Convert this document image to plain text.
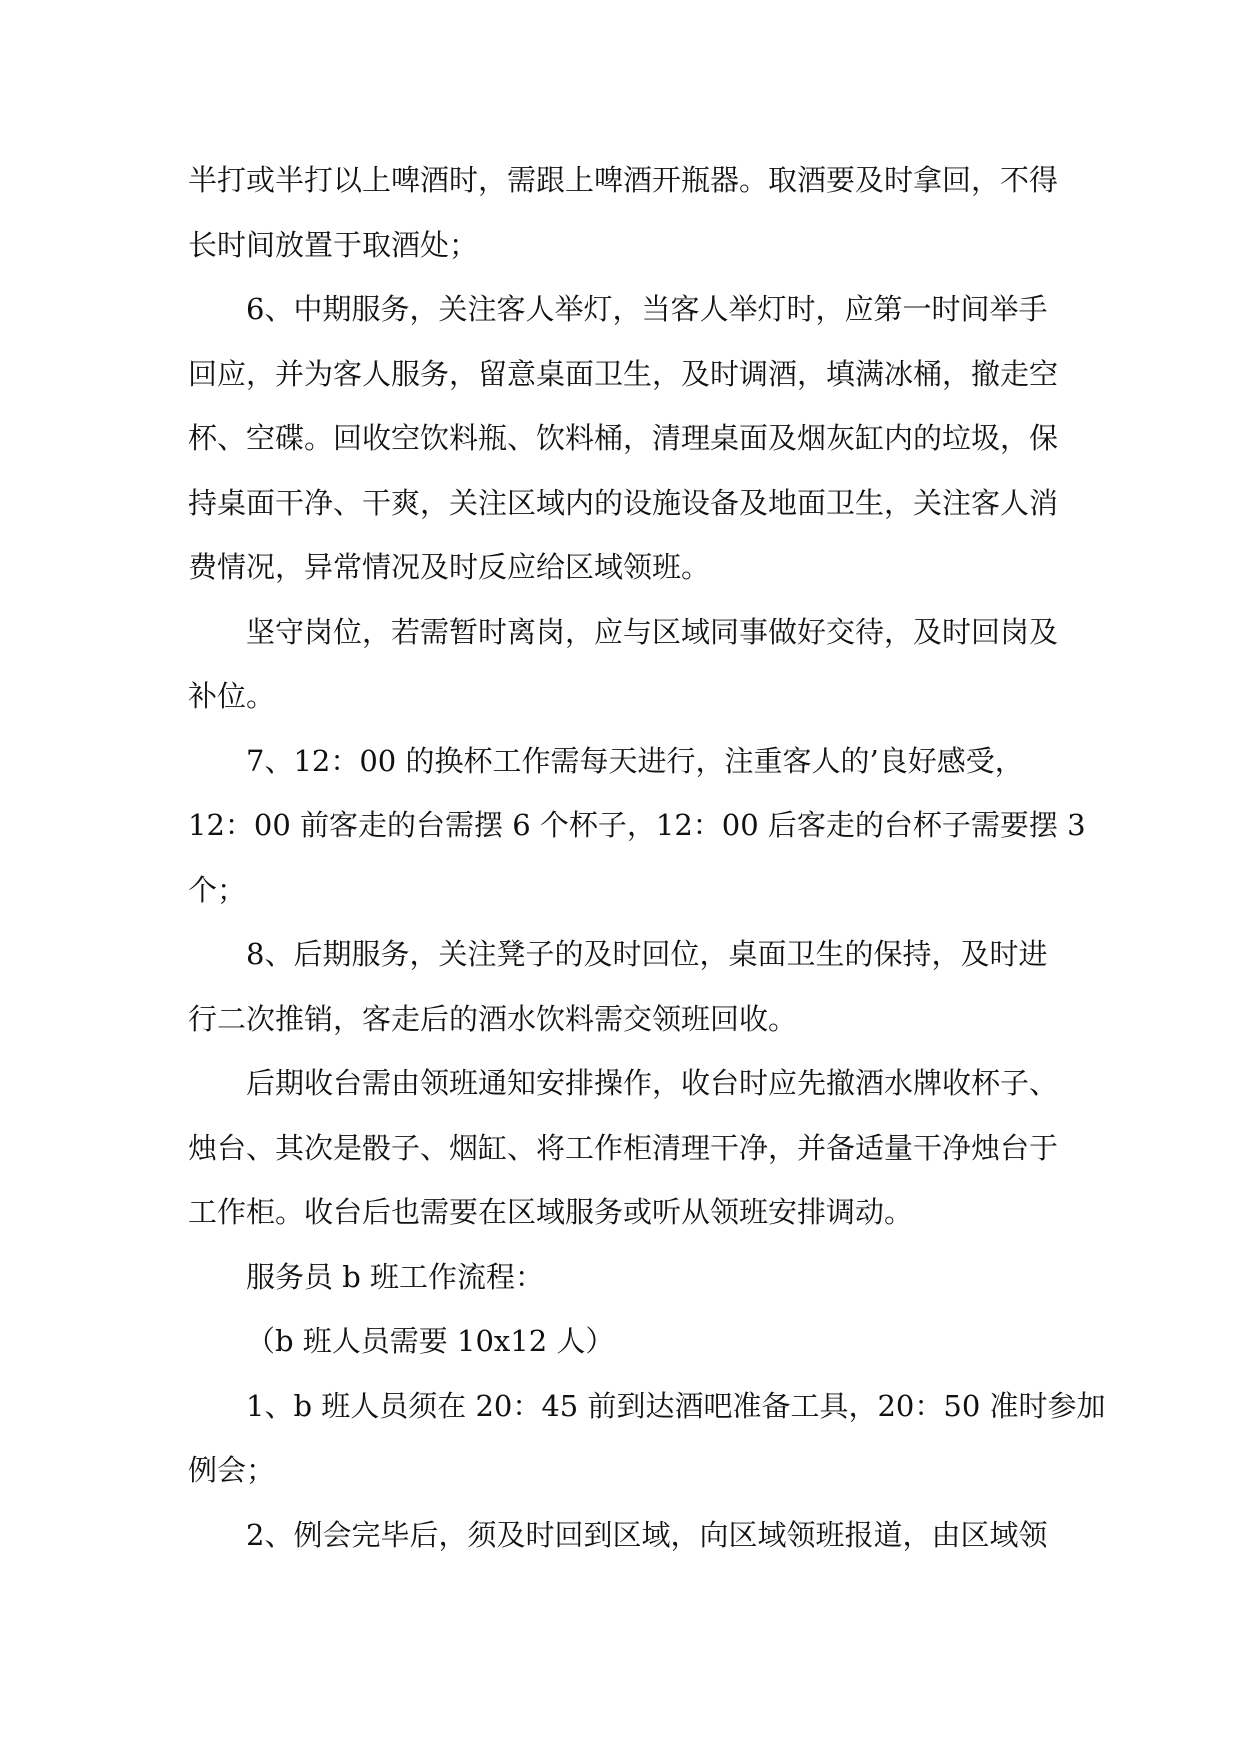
半打或半打以上啤酒时，需跟上啤酒开瓶器。取酒要及时拿回，不得
长时间放置于取酒处；
6、中期服务，关注客人举灯，当客人举灯时，应第一时间举手
回应，并为客人服务，留意桌面卫生，及时调酒，填满冰桶，撤走空
杯、空碟。回收空饮料瓶、饮料桶，清理桌面及烟灰缸内的垃圾，保
持桌面干净、干爽，关注区域内的设施设备及地面卫生，关注客人消
费情况，异常情况及时反应给区域领班。
坚守岗位，若需暂时离岗，应与区域同事做好交待，及时回岗及
补位。
7、12：00 的换杯工作需每天进行，注重客人的’良好感受，
12：00 前客走的台需摆 6 个杯子，12：00 后客走的台杯子需要摆 3
个；
8、后期服务，关注凳子的及时回位，桌面卫生的保持，及时进
行二次推销，客走后的酒水饮料需交领班回收。
后期收台需由领班通知安排操作，收台时应先撤酒水牌收杯子、
烛台、其次是骰子、烟缸、将工作柜清理干净，并备适量干净烛台于
工作柜。收台后也需要在区域服务或听从领班安排调动。
服务员 b 班工作流程：
（b 班人员需要 10x12 人）
1、b 班人员须在 20：45 前到达酒吧准备工具，20：50 准时参加
例会；
2、例会完毕后，须及时回到区域，向区域领班报道，由区域领
